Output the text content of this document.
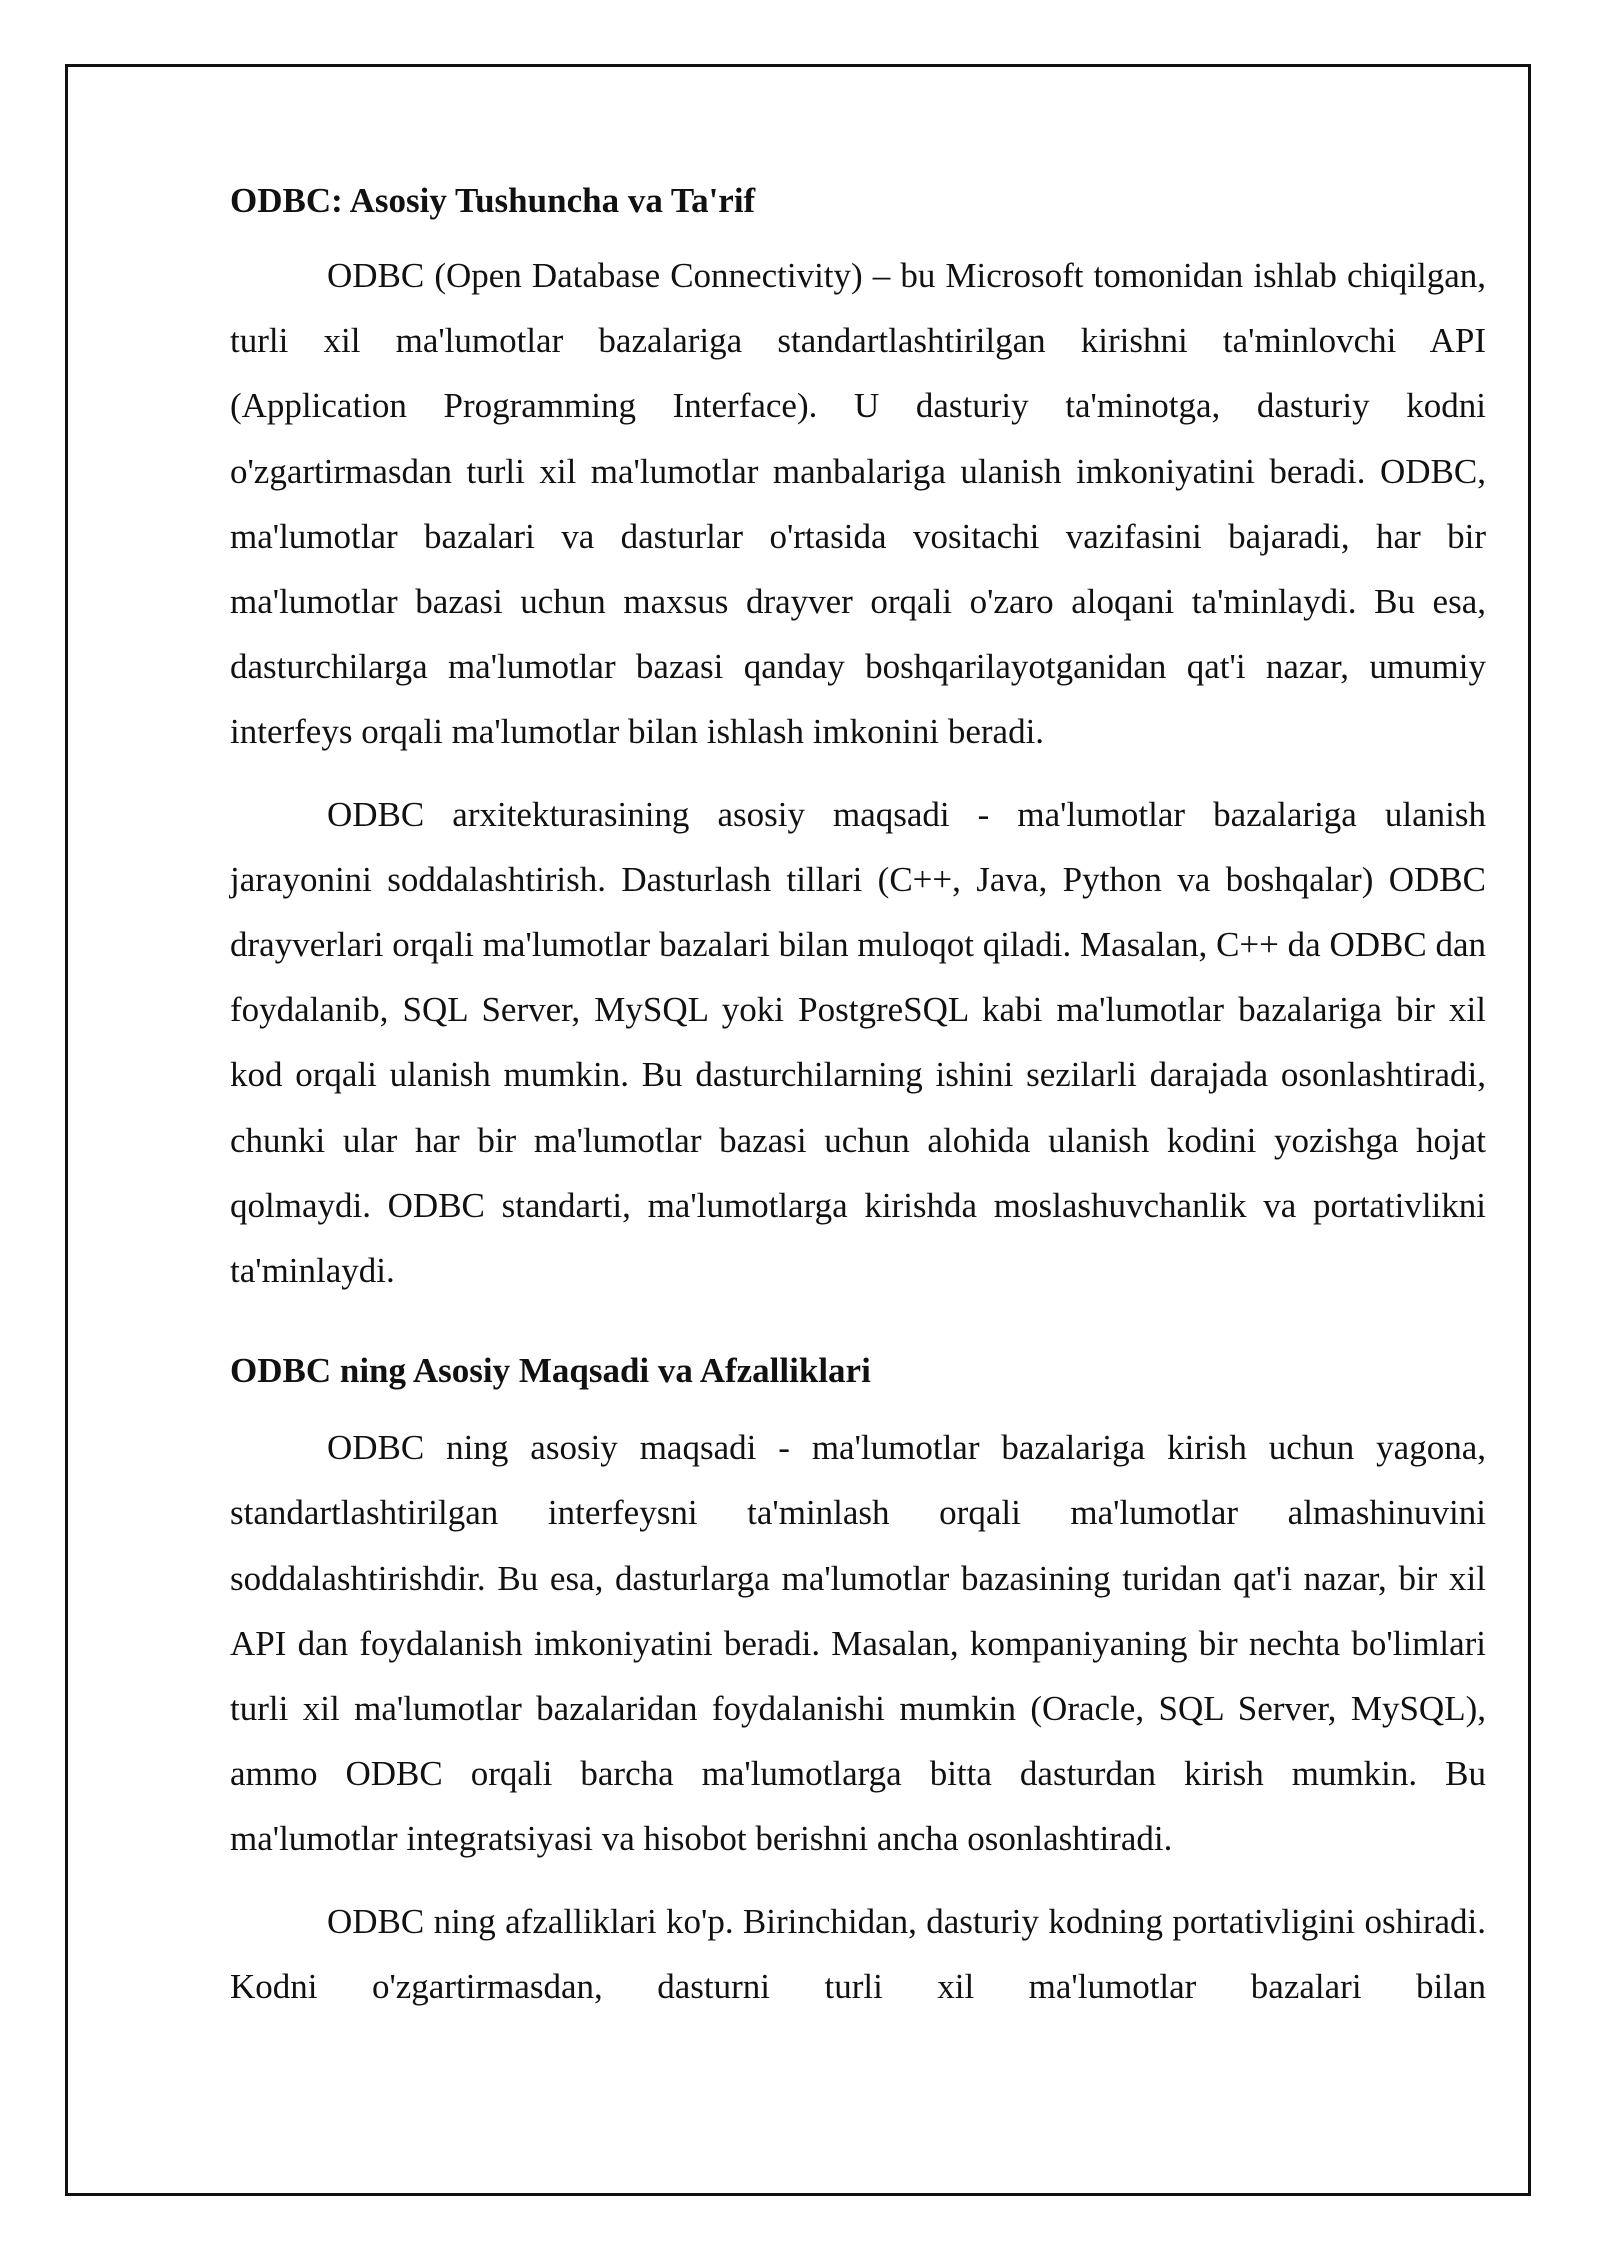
ODBC: Asosiy Tushuncha va Ta'rif

ODBC (Open Database Connectivity) – bu Microsoft tomonidan ishlab chiqilgan, turli xil ma'lumotlar bazalariga standartlashtirilgan kirishni ta'minlovchi API (Application Programming Interface). U dasturiy ta'minotga, dasturiy kodni o'zgartirmasdan turli xil ma'lumotlar manbalariga ulanish imkoniyatini beradi. ODBC, ma'lumotlar bazalari va dasturlar o'rtasida vositachi vazifasini bajaradi, har bir ma'lumotlar bazasi uchun maxsus drayver orqali o'zaro aloqani ta'minlaydi. Bu esa, dasturchilarga ma'lumotlar bazasi qanday boshqarilayotganidan qat'i nazar, umumiy interfeys orqali ma'lumotlar bilan ishlash imkonini beradi.

ODBC arxitekturasining asosiy maqsadi - ma'lumotlar bazalariga ulanish jarayonini soddalashtirish. Dasturlash tillari (C++, Java, Python va boshqalar) ODBC drayverlari orqali ma'lumotlar bazalari bilan muloqot qiladi. Masalan, C++ da ODBC dan foydalanib, SQL Server, MySQL yoki PostgreSQL kabi ma'lumotlar bazalariga bir xil kod orqali ulanish mumkin. Bu dasturchilarning ishini sezilarli darajada osonlashtiradi, chunki ular har bir ma'lumotlar bazasi uchun alohida ulanish kodini yozishga hojat qolmaydi. ODBC standarti, ma'lumotlarga kirishda moslashuvchanlik va portativlikni ta'minlaydi.

ODBC ning Asosiy Maqsadi va Afzalliklari

ODBC ning asosiy maqsadi - ma'lumotlar bazalariga kirish uchun yagona, standartlashtirilgan interfeysni ta'minlash orqali ma'lumotlar almashinuvini soddalashtirishdir. Bu esa, dasturlarga ma'lumotlar bazasining turidan qat'i nazar, bir xil API dan foydalanish imkoniyatini beradi. Masalan, kompaniyaning bir nechta bo'limlari turli xil ma'lumotlar bazalaridan foydalanishi mumkin (Oracle, SQL Server, MySQL), ammo ODBC orqali barcha ma'lumotlarga bitta dasturdan kirish mumkin. Bu ma'lumotlar integratsiyasi va hisobot berishni ancha osonlashtiradi.

ODBC ning afzalliklari ko'p. Birinchidan, dasturiy kodning portativligini oshiradi. Kodni o'zgartirmasdan, dasturni turli xil ma'lumotlar bazalari bilan
